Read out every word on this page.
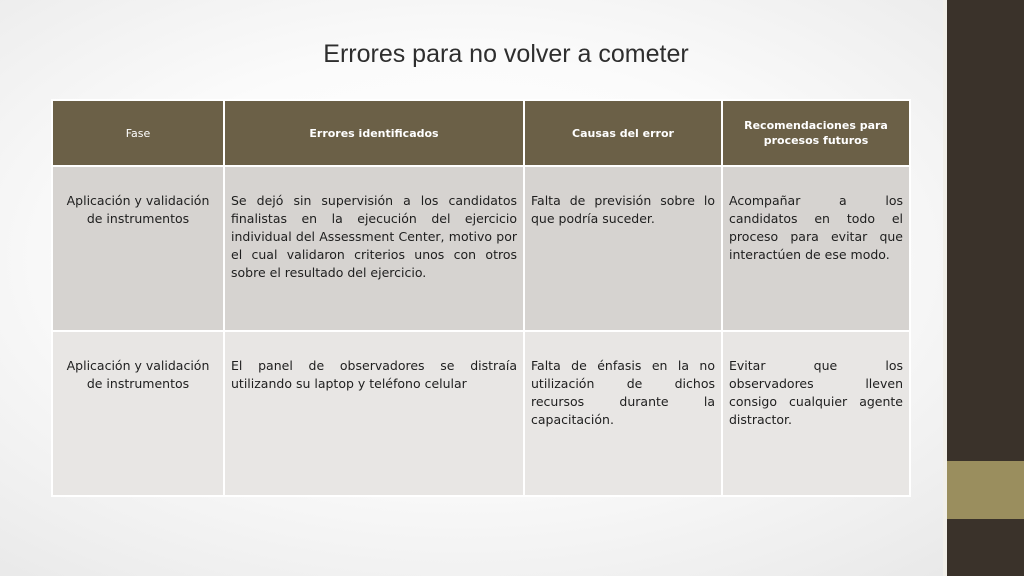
Errores para no volver a cometer
Fase	Errores identificados	Causas del error	Recomendaciones para procesos futuros
Aplicación y validación de instrumentos	Se dejó sin supervisión a los candidatos finalistas en la ejecución del ejercicio individual del Assessment Center, motivo por el cual validaron criterios unos con otros sobre el resultado del ejercicio.	Falta de previsión sobre lo que podría suceder.	Acompañar a los candidatos en todo el proceso para evitar que interactúen de ese modo.
Aplicación y validación de instrumentos	El panel de observadores se distraía utilizando su laptop y teléfono celular	Falta de énfasis en la no utilización de dichos recursos durante la capacitación.	Evitar que los observadores lleven consigo cualquier agente distractor.
